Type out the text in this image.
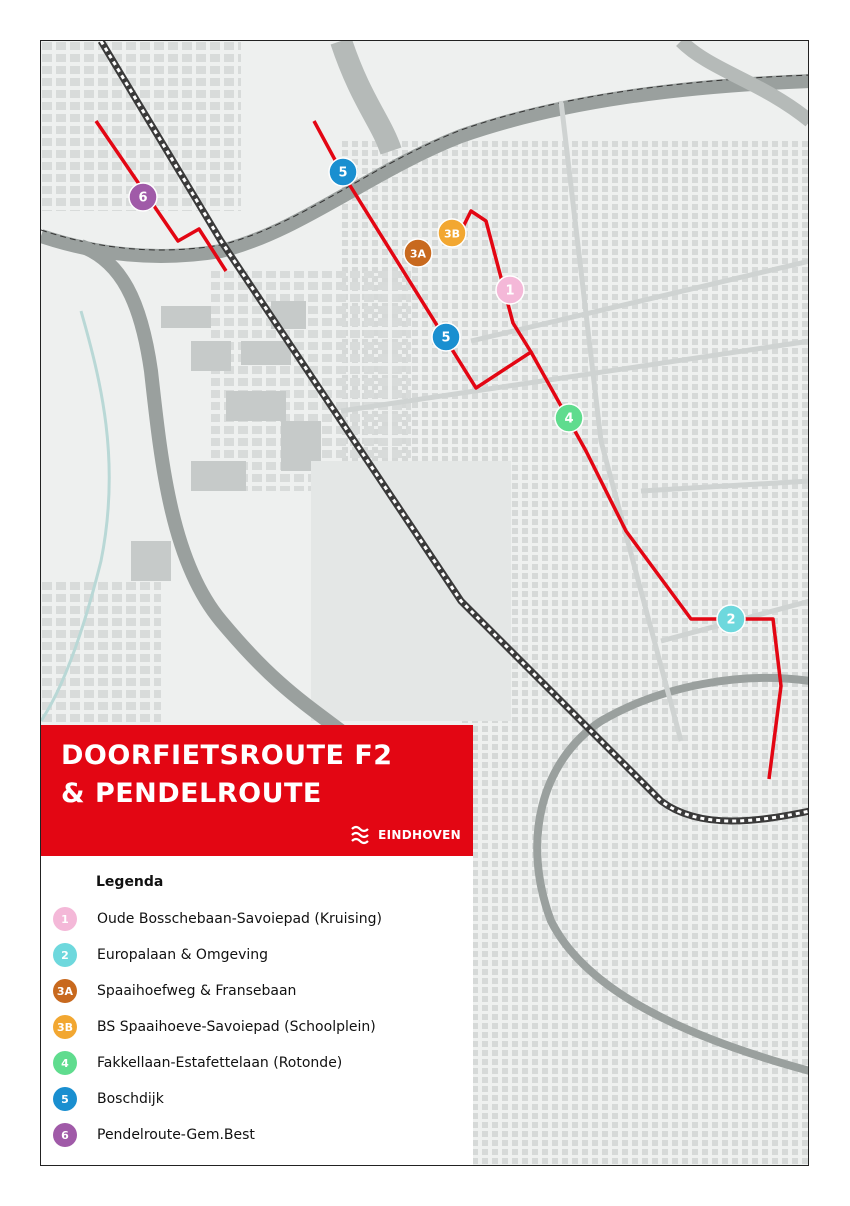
6
5
3A
3B
1
5
4
2
DOORFIETSROUTE F2
& PENDELROUTE
EINDHOVEN
Legenda
1	Oude Bosschebaan-Savoiepad (Kruising)
2	Europalaan & Omgeving
3A Spaaihoefweg & Fransebaan
3B BS Spaaihoeve-Savoiepad (Schoolplein)
4	Fakkellaan-Estafettelaan (Rotonde)
5	Boschdijk
6	Pendelroute-Gem.Best
